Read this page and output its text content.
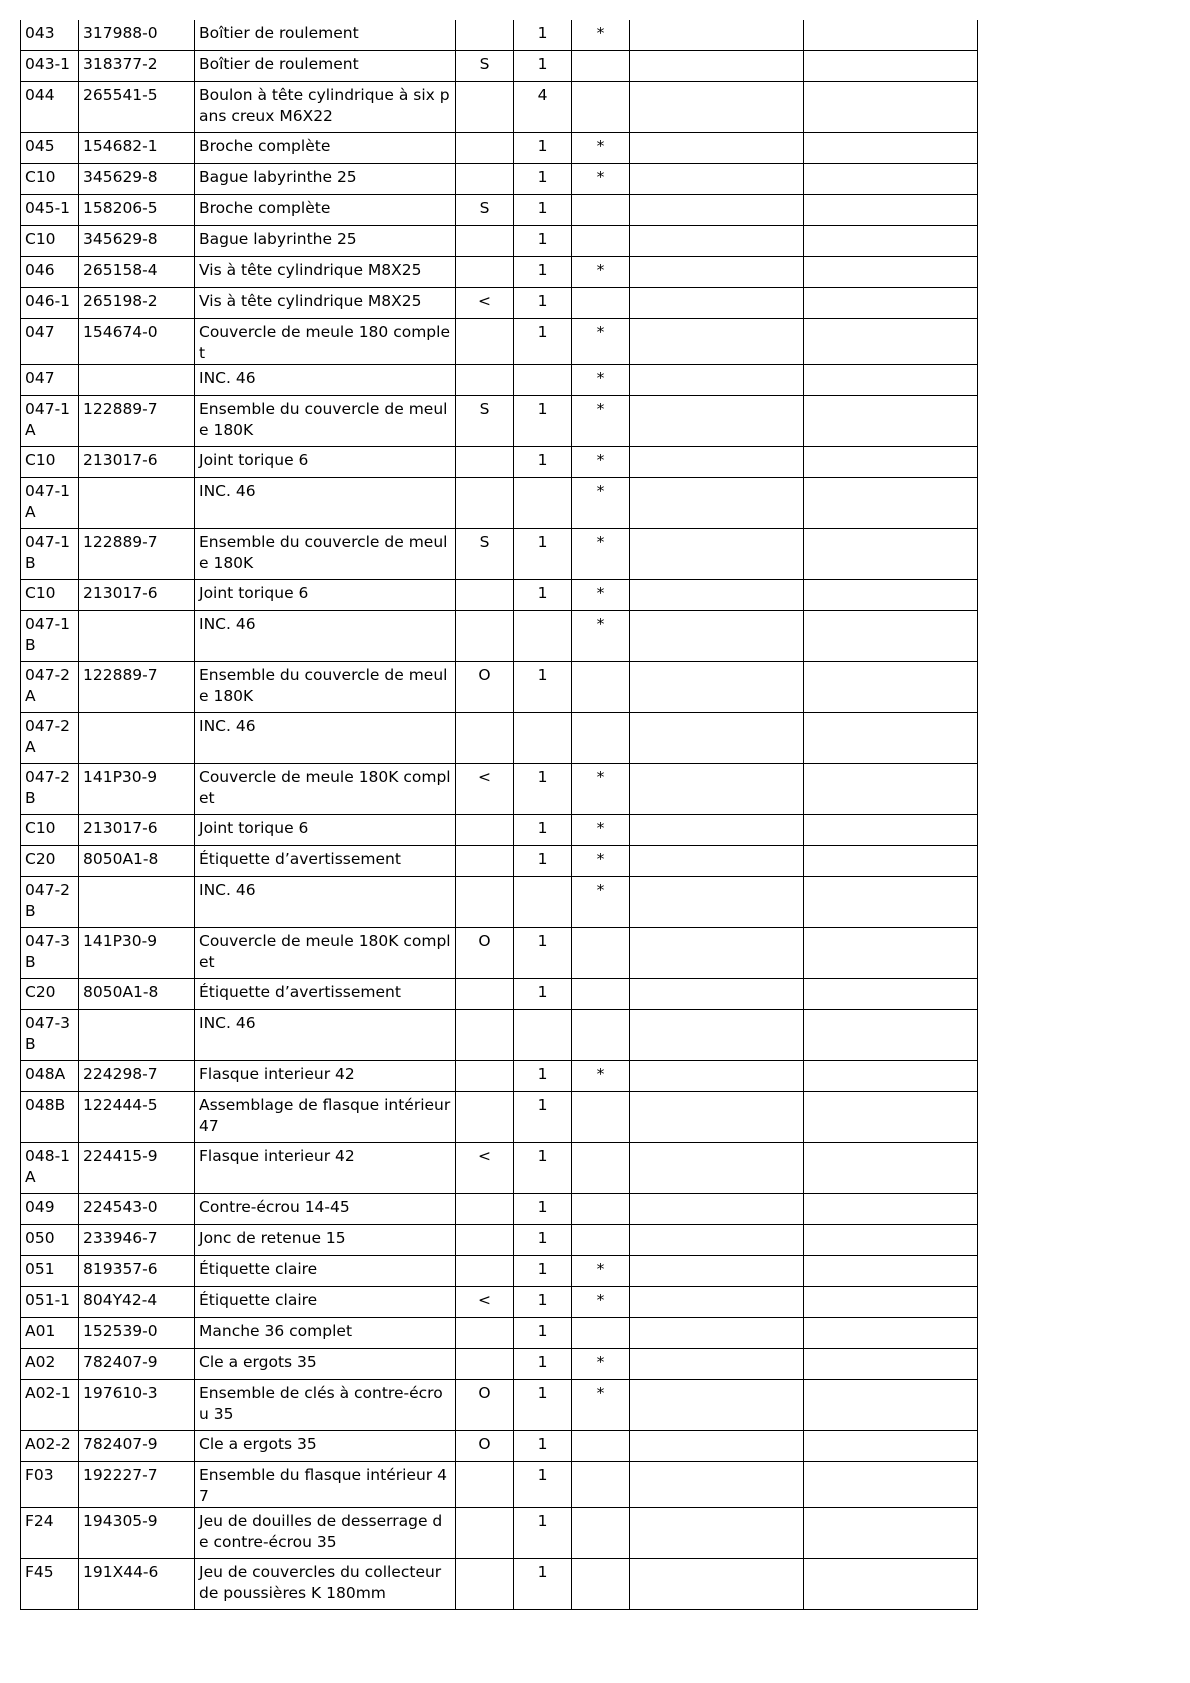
043	317988-0	Boîtier de roulement		1	*		
043-1	318377-2	Boîtier de roulement	S	1			
044	265541-5	Boulon à tête cylindrique à six pans creux M6X22		4			
045	154682-1	Broche complète		1	*		
C10	345629-8	Bague labyrinthe 25		1	*		
045-1	158206-5	Broche complète	S	1			
C10	345629-8	Bague labyrinthe 25		1			
046	265158-4	Vis à tête cylindrique M8X25		1	*		
046-1	265198-2	Vis à tête cylindrique M8X25	<	1			
047	154674-0	Couvercle de meule 180 complet		1	*		
047		INC. 46			*		
047-1A	122889-7	Ensemble du couvercle de meule 180K	S	1	*		
C10	213017-6	Joint torique 6		1	*		
047-1A		INC. 46			*		
047-1B	122889-7	Ensemble du couvercle de meule 180K	S	1	*		
C10	213017-6	Joint torique 6		1	*		
047-1B		INC. 46			*		
047-2A	122889-7	Ensemble du couvercle de meule 180K	O	1			
047-2A		INC. 46					
047-2B	141P30-9	Couvercle de meule 180K complet	<	1	*		
C10	213017-6	Joint torique 6		1	*		
C20	8050A1-8	Étiquette d’avertissement		1	*		
047-2B		INC. 46			*		
047-3B	141P30-9	Couvercle de meule 180K complet	O	1			
C20	8050A1-8	Étiquette d’avertissement		1			
047-3B		INC. 46					
048A	224298-7	Flasque interieur 42		1	*		
048B	122444-5	Assemblage de flasque intérieur 47		1			
048-1A	224415-9	Flasque interieur 42	<	1			
049	224543-0	Contre-écrou 14-45		1			
050	233946-7	Jonc de retenue 15		1			
051	819357-6	Étiquette claire		1	*		
051-1	804Y42-4	Étiquette claire	<	1	*		
A01	152539-0	Manche 36 complet		1			
A02	782407-9	Cle a ergots 35		1	*		
A02-1	197610-3	Ensemble de clés à contre-écrou 35	O	1	*		
A02-2	782407-9	Cle a ergots 35	O	1			
F03	192227-7	Ensemble du flasque intérieur 47		1			
F24	194305-9	Jeu de douilles de desserrage de contre-écrou 35		1			
F45	191X44-6	Jeu de couvercles du collecteur de poussières K 180mm		1			
